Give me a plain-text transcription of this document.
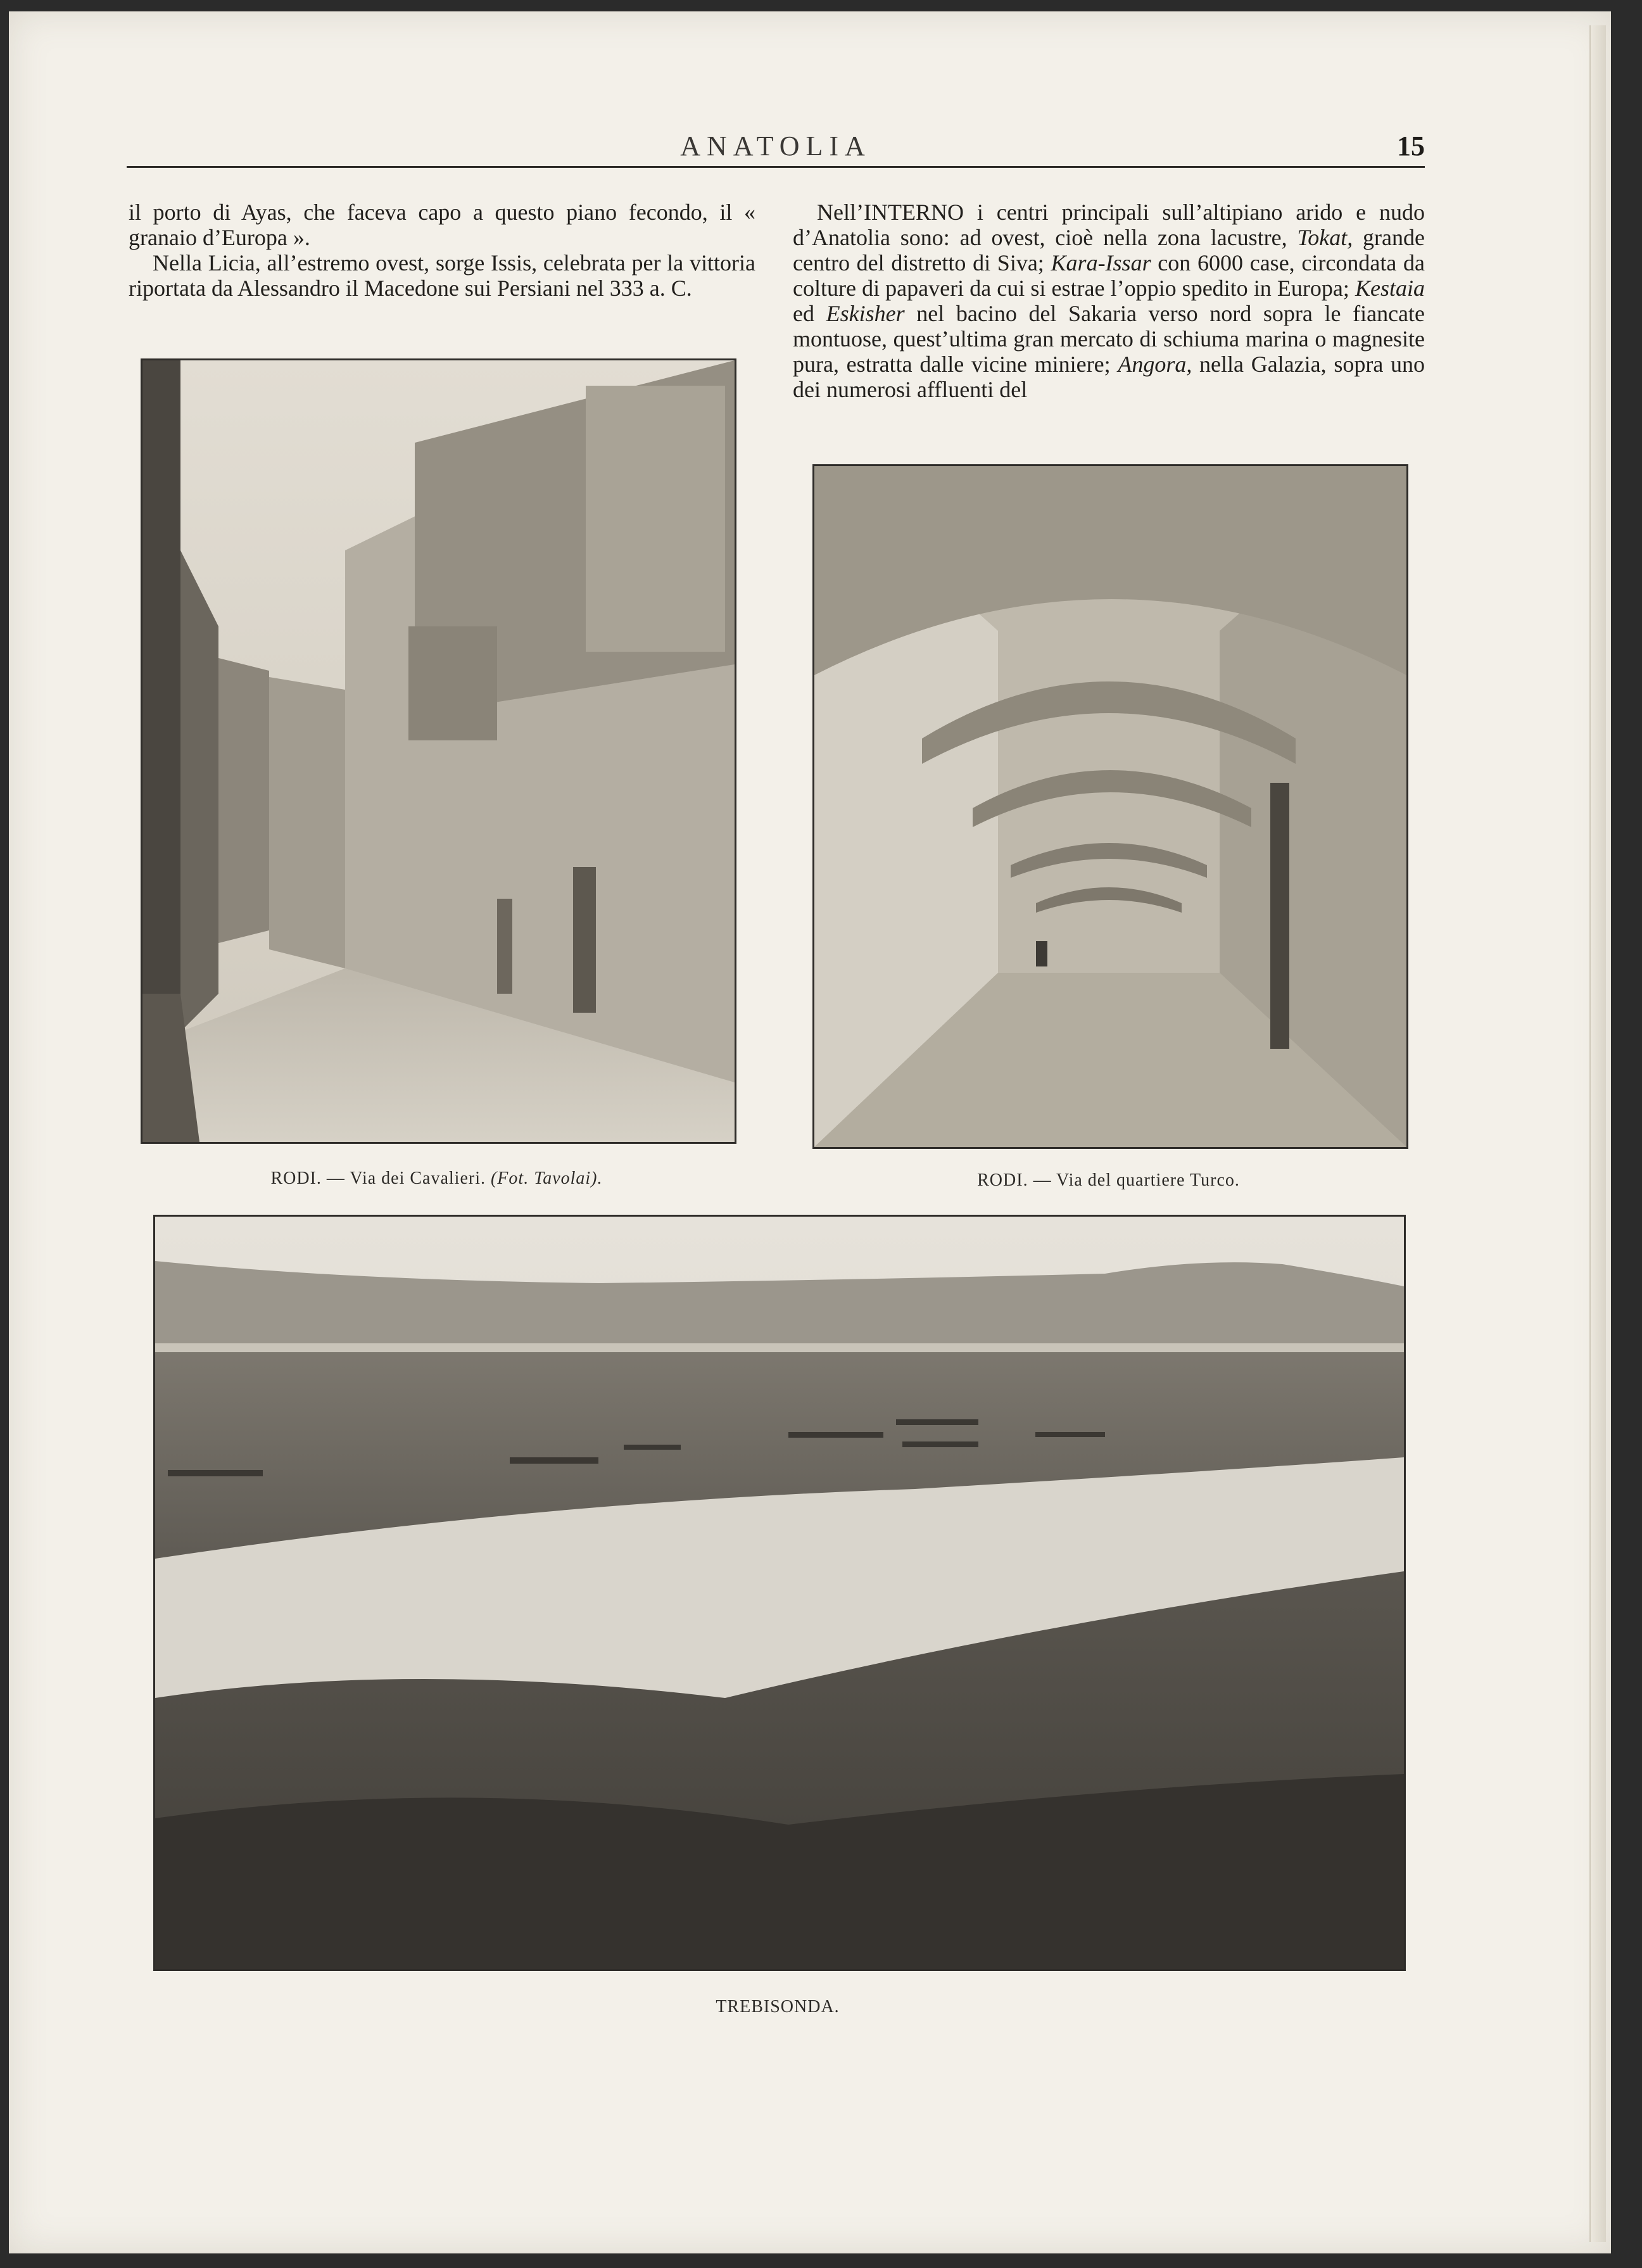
ANATOLIA	15

il porto di Ayas, che faceva capo a questo piano fecondo, il « granaio d’Europa ».

Nella Licia, all’estremo ovest, sorge Issis, celebrata per la vittoria riportata da Alessandro il Macedone sui Persiani nel 333 a. C.

Nell’INTERNO i centri principali sull’altipiano arido e nudo d’Anatolia sono: ad ovest, cioè nella zona lacustre, Tokat, grande centro del distretto di Siva; Kara-Issar con 6000 case, circondata da colture di papaveri da cui si estrae l’oppio spedito in Europa; Kestaia ed Eskisher nel bacino del Sakaria verso nord sopra le fiancate montuose, quest’ultima gran mercato di schiuma marina o magnesite pura, estratta dalle vicine miniere; Angora, nella Galazia, sopra uno dei numerosi affluenti del

RODI. — Via dei Cavalieri. (Fot. Tavolai).	RODI. — Via del quartiere Turco.
TREBISONDA.
